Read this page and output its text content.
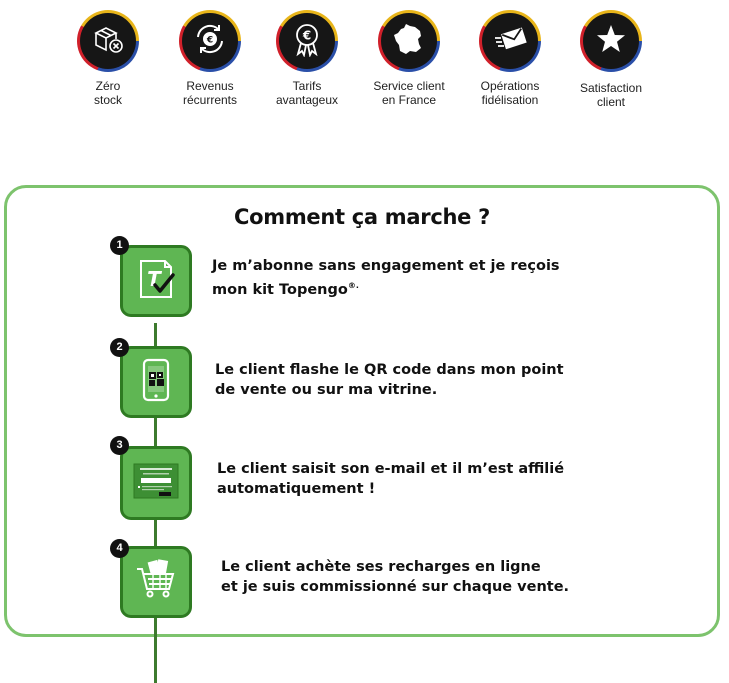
Zéro
stock
€
Revenus
récurrents
€
Tarifs
avantageux
Service client
en France
Opérations
fidélisation
Satisfaction
client
Comment ça marche ?
T
1
Je m’abonne sans engagement et je reçois
mon kit Topengo®.
2
Le client flashe le QR code dans mon point
de vente ou sur ma vitrine.
3
Le client saisit son e-mail et il m’est affilié
automatiquement !
4
Le client achète ses recharges en ligne
et je suis commissionné sur chaque vente.
